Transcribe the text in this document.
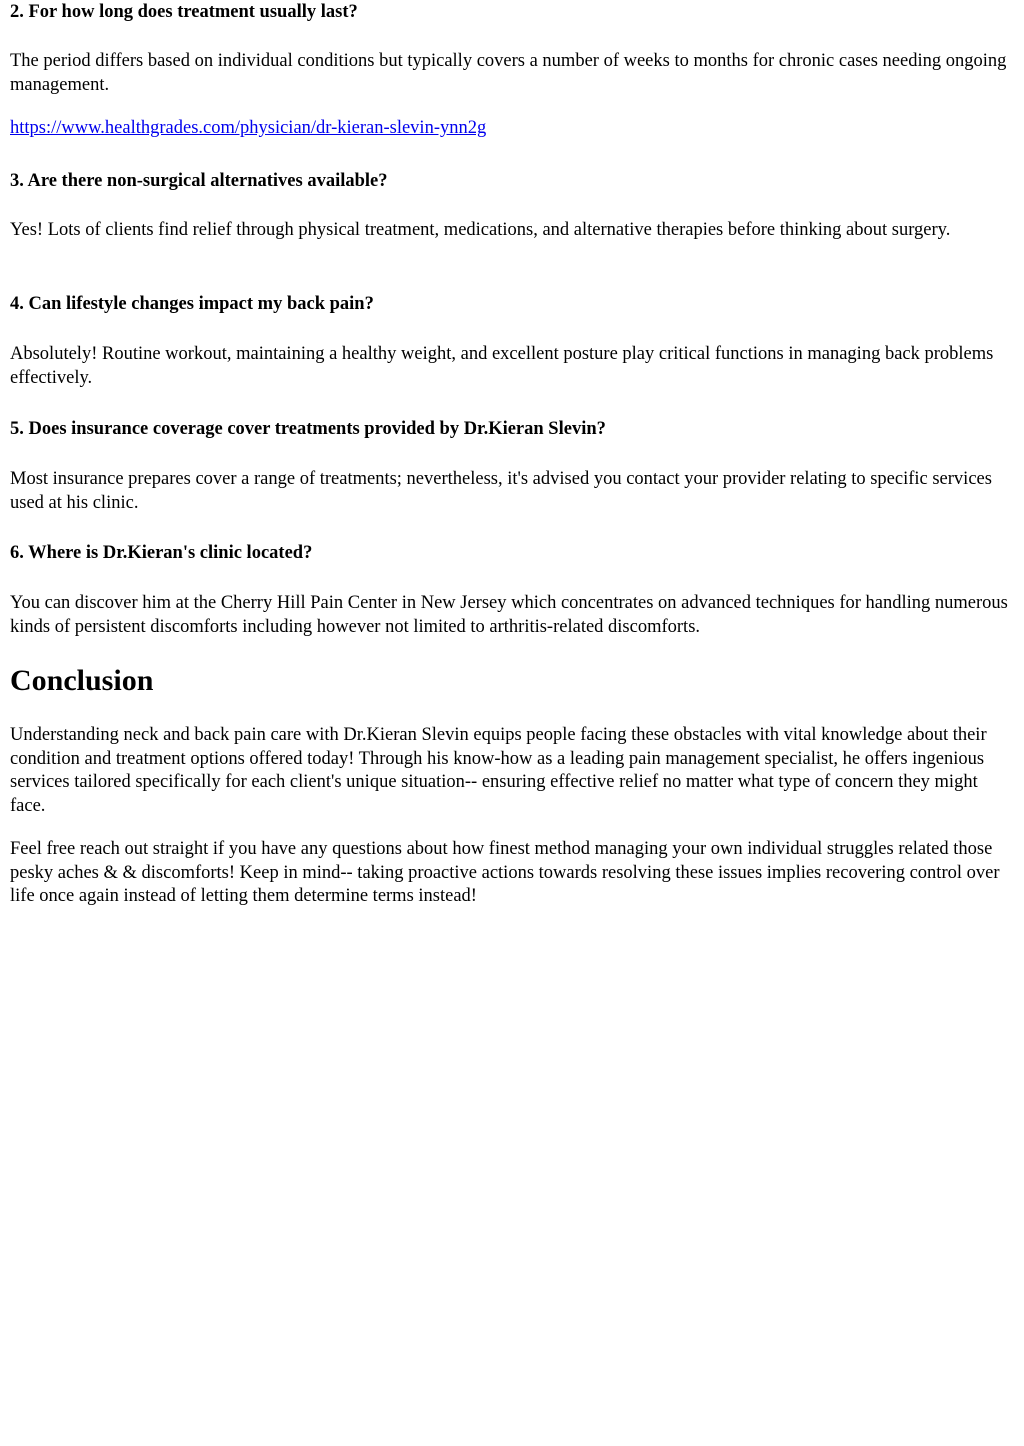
2. For how long does treatment usually last?

The period differs based on individual conditions but typically covers a number of weeks to months for chronic cases needing ongoing management.

https://www.healthgrades.com/physician/dr-kieran-slevin-ynn2g

3. Are there non-surgical alternatives available?

Yes! Lots of clients find relief through physical treatment, medications, and alternative therapies before thinking about surgery.

4. Can lifestyle changes impact my back pain?

Absolutely! Routine workout, maintaining a healthy weight, and excellent posture play critical functions in managing back problems effectively.

5. Does insurance coverage cover treatments provided by Dr.Kieran Slevin?

Most insurance prepares cover a range of treatments; nevertheless, it's advised you contact your provider relating to specific services used at his clinic.

6. Where is Dr.Kieran's clinic located?

You can discover him at the Cherry Hill Pain Center in New Jersey which concentrates on advanced techniques for handling numerous kinds of persistent discomforts including however not limited to arthritis-related discomforts.

Conclusion

Understanding neck and back pain care with Dr.Kieran Slevin equips people facing these obstacles with vital knowledge about their condition and treatment options offered today! Through his know-how as a leading pain management specialist, he offers ingenious services tailored specifically for each client's unique situation-- ensuring effective relief no matter what type of concern they might face.

Feel free reach out straight if you have any questions about how finest method managing your own individual struggles related those pesky aches & & discomforts! Keep in mind-- taking proactive actions towards resolving these issues implies recovering control over life once again instead of letting them determine terms instead!
